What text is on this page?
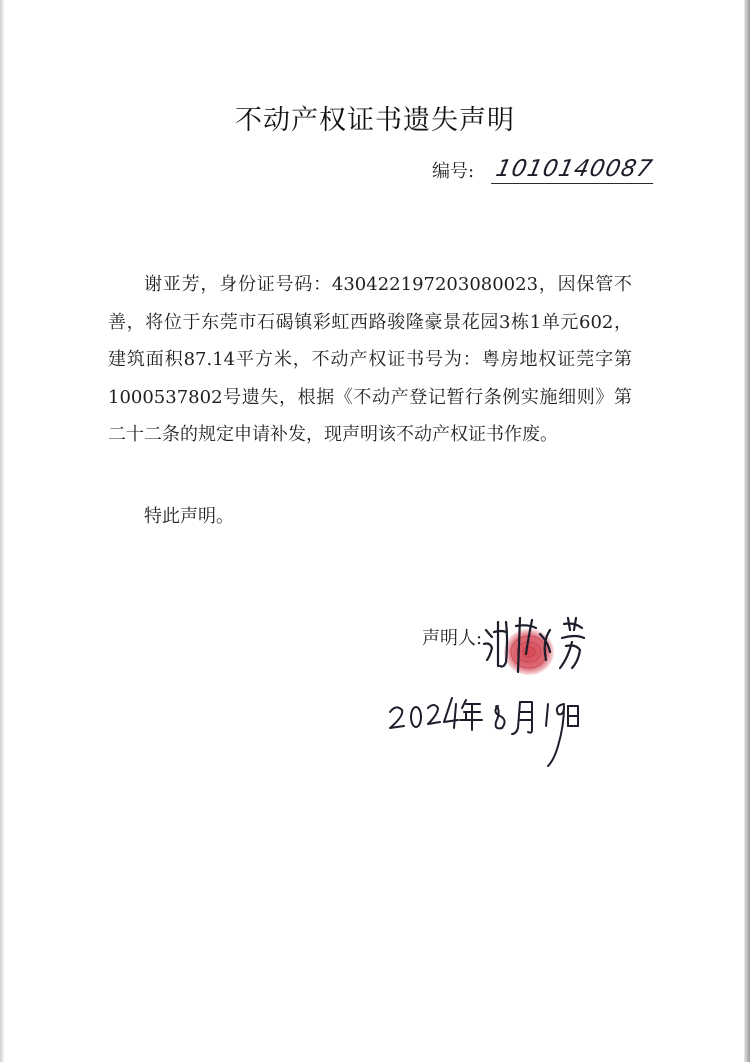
不动产权证书遗失声明
编号: 1010140087

谢亚芳，身份证号码：430422197203080023，因保管不善，将位于东莞市石碣镇彩虹西路骏隆豪景花园3栋1单元602，建筑面积87.14平方米，不动产权证书号为：粤房地权证莞字第1000537802号遗失，根据《不动产登记暂行条例实施细则》第二十二条的规定申请补发，现声明该不动产权证书作废。

特此声明。
声明人:
